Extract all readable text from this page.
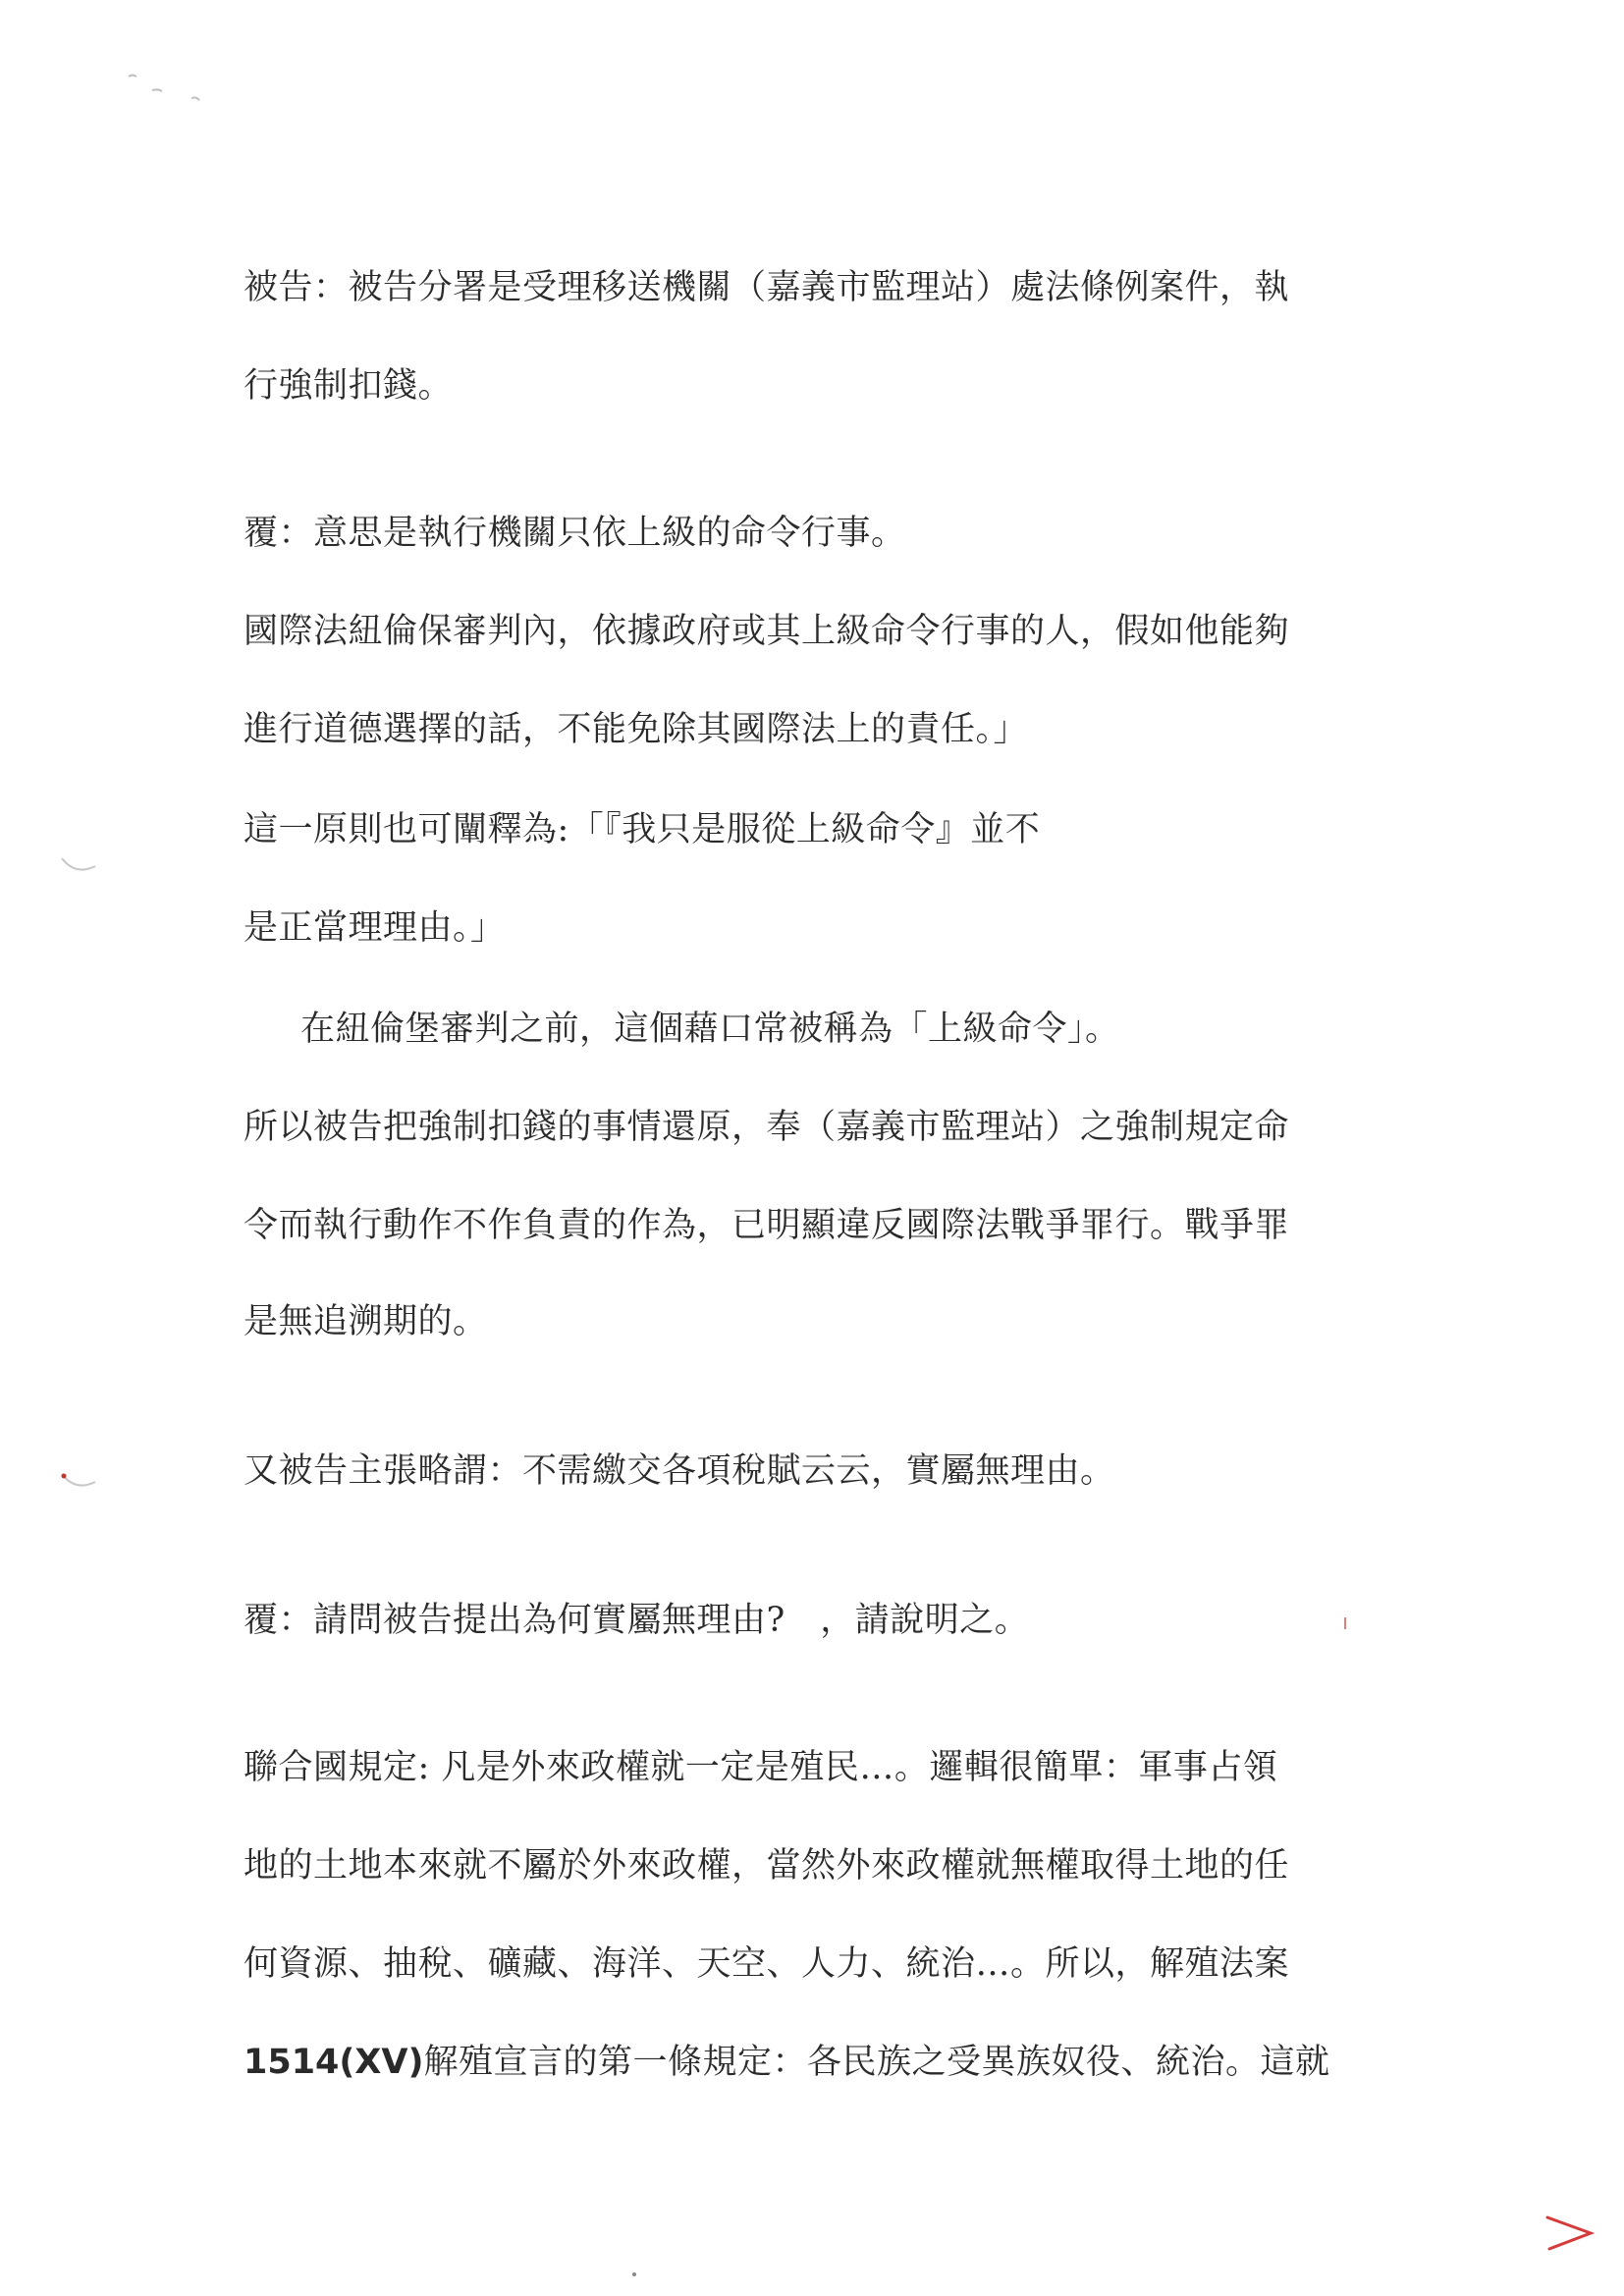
被告：被告分署是受理移送機關（嘉義市監理站）處法條例案件，執

行強制扣錢。

覆：意思是執行機關只依上級的命令行事。

國際法紐倫保審判內，依據政府或其上級命令行事的人，假如他能夠

進行道德選擇的話，不能免除其國際法上的責任。」

這一原則也可闡釋為:「『我只是服從上級命令』並不

是正當理理由。」

在紐倫堡審判之前，這個藉口常被稱為「上級命令」。

所以被告把強制扣錢的事情還原，奉（嘉義市監理站）之強制規定命

令而執行動作不作負責的作為，已明顯違反國際法戰爭罪行。戰爭罪

是無追溯期的。

又被告主張略謂：不需繳交各項稅賦云云，實屬無理由。

覆：請問被告提出為何實屬無理由?　，請說明之。

聯合國規定: 凡是外來政權就一定是殖民…。邏輯很簡單：軍事占領

地的土地本來就不屬於外來政權，當然外來政權就無權取得土地的任

何資源、抽稅、礦藏、海洋、天空、人力、統治…。所以，解殖法案

1514(XV)解殖宣言的第一條規定：各民族之受異族奴役、統治。這就
